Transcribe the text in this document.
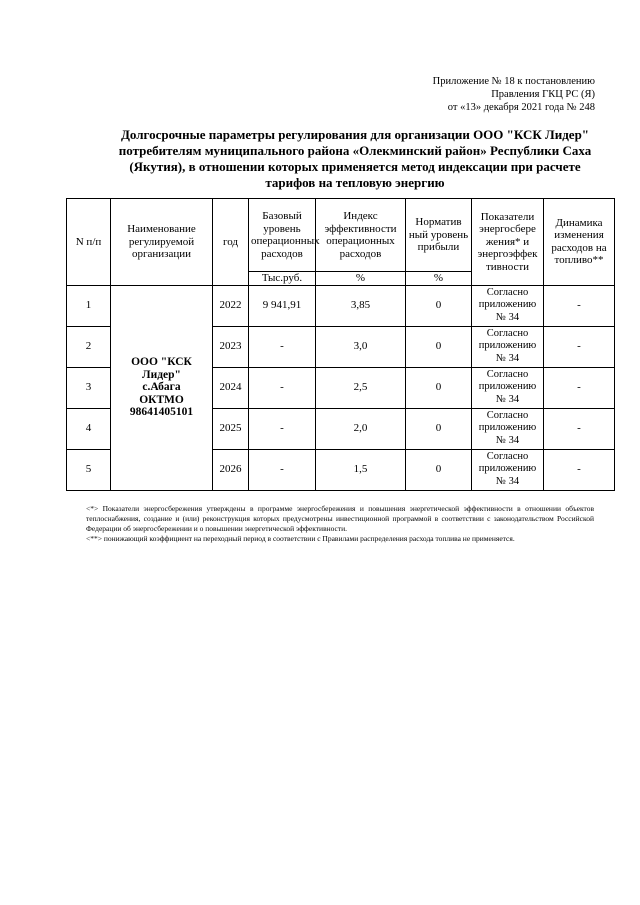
Приложение № 18 к постановлению
Правления ГКЦ РС (Я)
от «13» декабря 2021 года № 248
Долгосрочные параметры регулирования для организации ООО "КСК Лидер"
потребителям муниципального района «Олекминский район» Республики Саха
(Якутия), в отношении которых применяется метод индексации при расчете
тарифов на тепловую энергию
N п/п	Наименование регулируемой организации	год	Базовый уровень операционных расходов	Индекс эффективности операционных расходов	Норматив ный уровень прибыли	Показатели энергосбере жения* и энергоэффек тивности	Динамика изменения расходов на топливо**
			Тыс.руб.	%	%		
1	ООО "КСК
Лидер"
с.Абага
ОКТМО
98641405101	2022	9 941,91	3,85	0	Согласно приложению № 34	-
2		2023	-	3,0	0	Согласно приложению № 34	-
3		2024	-	2,5	0	Согласно приложению № 34	-
4		2025	-	2,0	0	Согласно приложению № 34	-
5		2026	-	1,5	0	Согласно приложению № 34	-

<*> Показатели энергосбережения утверждены в программе энергосбережения и повышения энергетической эффективности в отношении объектов теплоснабжения, создание и (или) реконструкция которых предусмотрены инвестиционной программой в соответствии с законодательством Российской Федерации об энергосбережении и о повышении энергетической эффективности.

<**> понижающий коэффициент на переходный период в соответствии с Правилами распределения расхода топлива не применяется.
